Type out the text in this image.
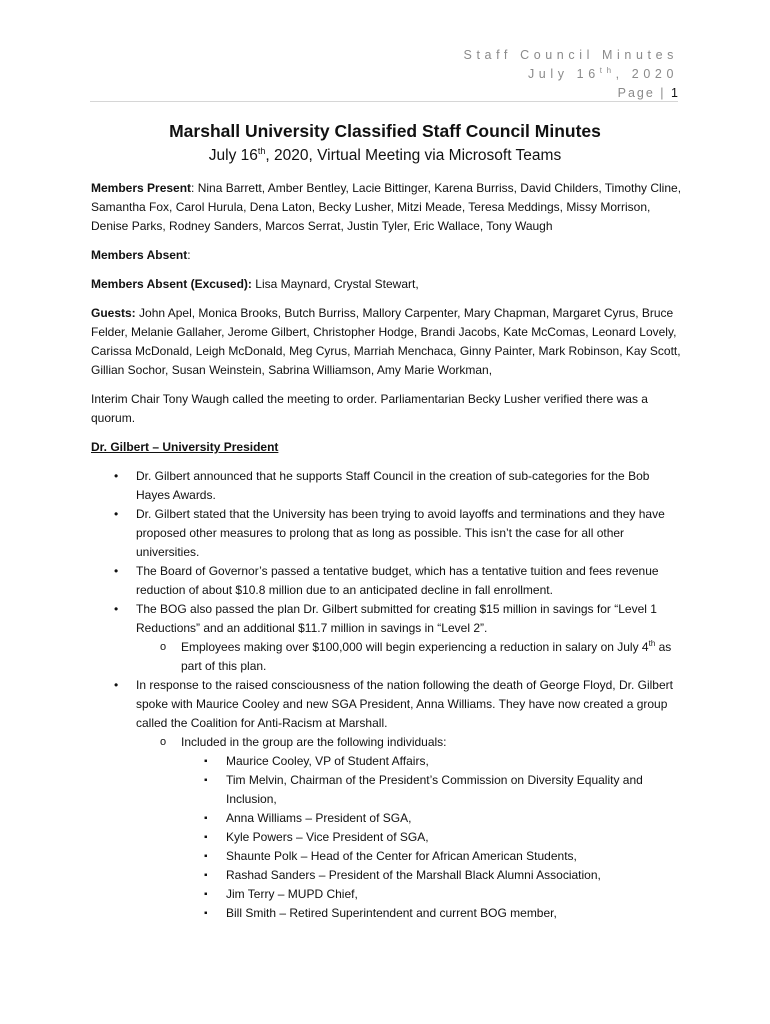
Staff Council Minutes
July 16th, 2020
Page | 1
Marshall University Classified Staff Council Minutes
July 16th, 2020, Virtual Meeting via Microsoft Teams

Members Present: Nina Barrett, Amber Bentley, Lacie Bittinger, Karena Burriss, David Childers, Timothy Cline, Samantha Fox, Carol Hurula, Dena Laton, Becky Lusher, Mitzi Meade, Teresa Meddings, Missy Morrison, Denise Parks, Rodney Sanders, Marcos Serrat, Justin Tyler, Eric Wallace, Tony Waugh

Members Absent:

Members Absent (Excused): Lisa Maynard, Crystal Stewart,

Guests: John Apel, Monica Brooks, Butch Burriss, Mallory Carpenter, Mary Chapman, Margaret Cyrus, Bruce Felder, Melanie Gallaher, Jerome Gilbert, Christopher Hodge, Brandi Jacobs, Kate McComas, Leonard Lovely, Carissa McDonald, Leigh McDonald, Meg Cyrus, Marriah Menchaca, Ginny Painter, Mark Robinson, Kay Scott, Gillian Sochor, Susan Weinstein, Sabrina Williamson, Amy Marie Workman,

Interim Chair Tony Waugh called the meeting to order. Parliamentarian Becky Lusher verified there was a quorum.

Dr. Gilbert – University President
• Dr. Gilbert announced that he supports Staff Council in the creation of sub-categories for the Bob Hayes Awards.
• Dr. Gilbert stated that the University has been trying to avoid layoffs and terminations and they have proposed other measures to prolong that as long as possible. This isn’t the case for all other universities.
• The Board of Governor’s passed a tentative budget, which has a tentative tuition and fees revenue reduction of about $10.8 million due to an anticipated decline in fall enrollment.
• The BOG also passed the plan Dr. Gilbert submitted for creating $15 million in savings for “Level 1 Reductions” and an additional $11.7 million in savings in “Level 2”.
o Employees making over $100,000 will begin experiencing a reduction in salary on July 4th as part of this plan.
• In response to the raised consciousness of the nation following the death of George Floyd, Dr. Gilbert spoke with Maurice Cooley and new SGA President, Anna Williams. They have now created a group called the Coalition for Anti-Racism at Marshall.
o Included in the group are the following individuals:
▪ Maurice Cooley, VP of Student Affairs,
▪ Tim Melvin, Chairman of the President’s Commission on Diversity Equality and Inclusion,
▪ Anna Williams – President of SGA,
▪ Kyle Powers – Vice President of SGA,
▪ Shaunte Polk – Head of the Center for African American Students,
▪ Rashad Sanders – President of the Marshall Black Alumni Association,
▪ Jim Terry – MUPD Chief,
▪ Bill Smith – Retired Superintendent and current BOG member,
